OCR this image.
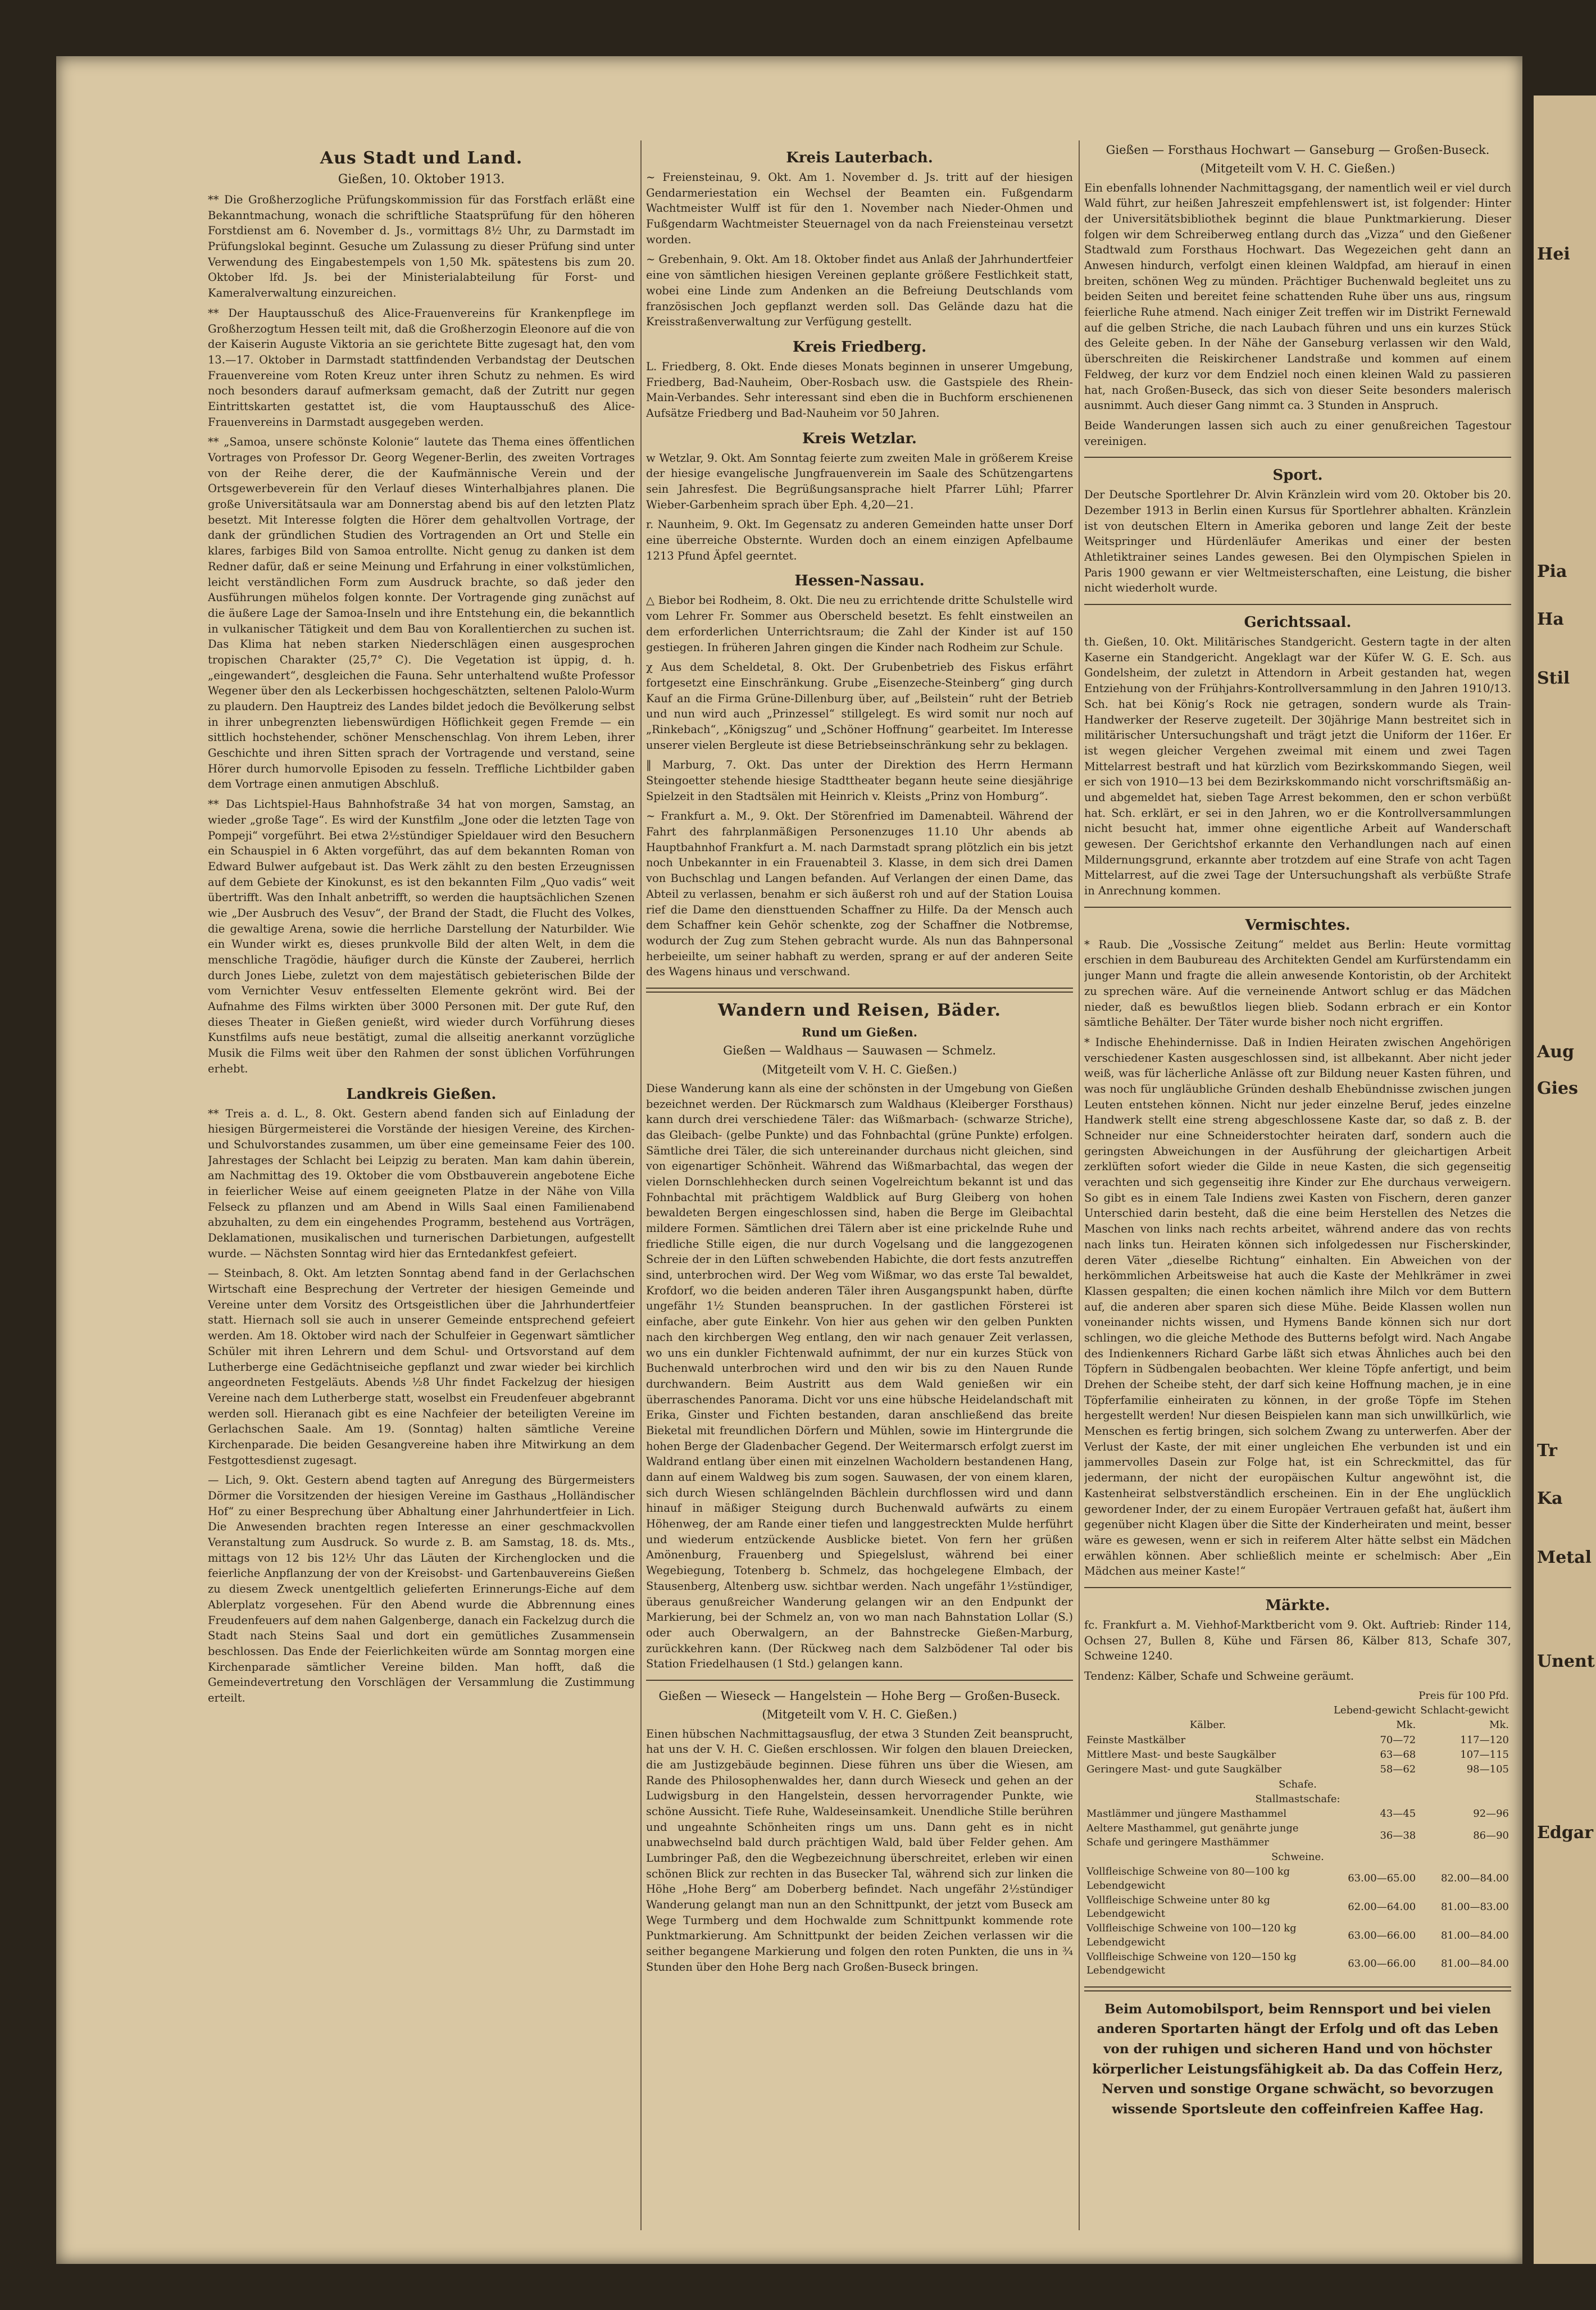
Aus Stadt und Land.
Gießen, 10. Oktober 1913.

** Die Großherzogliche Prüfungskommission für das Forstfach erläßt eine Bekanntmachung, wonach die schriftliche Staatsprüfung für den höheren Forstdienst am 6. November d. Js., vormittags 8½ Uhr, zu Darmstadt im Prüfungslokal beginnt. Gesuche um Zulassung zu dieser Prüfung sind unter Verwendung des Eingabestempels von 1,50 Mk. spätestens bis zum 20. Oktober lfd. Js. bei der Ministerialabteilung für Forst- und Kameralverwaltung einzureichen.

** Der Hauptausschuß des Alice-Frauenvereins für Krankenpflege im Großherzogtum Hessen teilt mit, daß die Großherzogin Eleonore auf die von der Kaiserin Auguste Viktoria an sie gerichtete Bitte zugesagt hat, den vom 13.—17. Oktober in Darmstadt stattfindenden Verbandstag der Deutschen Frauenvereine vom Roten Kreuz unter ihren Schutz zu nehmen. Es wird noch besonders darauf aufmerksam gemacht, daß der Zutritt nur gegen Eintrittskarten gestattet ist, die vom Hauptausschuß des Alice-Frauenvereins in Darmstadt ausgegeben werden.

** „Samoa, unsere schönste Kolonie“ lautete das Thema eines öffentlichen Vortrages von Professor Dr. Georg Wegener-Berlin, des zweiten Vortrages von der Reihe derer, die der Kaufmännische Verein und der Ortsgewerbeverein für den Verlauf dieses Winterhalbjahres planen. Die große Universitätsaula war am Donnerstag abend bis auf den letzten Platz besetzt. Mit Interesse folgten die Hörer dem gehaltvollen Vortrage, der dank der gründlichen Studien des Vortragenden an Ort und Stelle ein klares, farbiges Bild von Samoa entrollte. Nicht genug zu danken ist dem Redner dafür, daß er seine Meinung und Erfahrung in einer volkstümlichen, leicht verständlichen Form zum Ausdruck brachte, so daß jeder den Ausführungen mühelos folgen konnte. Der Vortragende ging zunächst auf die äußere Lage der Samoa-Inseln und ihre Entstehung ein, die bekanntlich in vulkanischer Tätigkeit und dem Bau von Korallentierchen zu suchen ist. Das Klima hat neben starken Niederschlägen einen ausgesprochen tropischen Charakter (25,7° C). Die Vegetation ist üppig, d. h. „eingewandert“, desgleichen die Fauna. Sehr unterhaltend wußte Professor Wegener über den als Leckerbissen hochgeschätzten, seltenen Palolo-Wurm zu plaudern. Den Hauptreiz des Landes bildet jedoch die Bevölkerung selbst in ihrer unbegrenzten liebenswürdigen Höflichkeit gegen Fremde — ein sittlich hochstehender, schöner Menschenschlag. Von ihrem Leben, ihrer Geschichte und ihren Sitten sprach der Vortragende und verstand, seine Hörer durch humorvolle Episoden zu fesseln. Treffliche Lichtbilder gaben dem Vortrage einen anmutigen Abschluß.

** Das Lichtspiel-Haus Bahnhofstraße 34 hat von morgen, Samstag, an wieder „große Tage“. Es wird der Kunstfilm „Jone oder die letzten Tage von Pompeji“ vorgeführt. Bei etwa 2½stündiger Spieldauer wird den Besuchern ein Schauspiel in 6 Akten vorgeführt, das auf dem bekannten Roman von Edward Bulwer aufgebaut ist. Das Werk zählt zu den besten Erzeugnissen auf dem Gebiete der Kinokunst, es ist den bekannten Film „Quo vadis“ weit übertrifft. Was den Inhalt anbetrifft, so werden die hauptsächlichen Szenen wie „Der Ausbruch des Vesuv“, der Brand der Stadt, die Flucht des Volkes, die gewaltige Arena, sowie die herrliche Darstellung der Naturbilder. Wie ein Wunder wirkt es, dieses prunkvolle Bild der alten Welt, in dem die menschliche Tragödie, häufiger durch die Künste der Zauberei, herrlich durch Jones Liebe, zuletzt von dem majestätisch gebieterischen Bilde der vom Vernichter Vesuv entfesselten Elemente gekrönt wird. Bei der Aufnahme des Films wirkten über 3000 Personen mit. Der gute Ruf, den dieses Theater in Gießen genießt, wird wieder durch Vorführung dieses Kunstfilms aufs neue bestätigt, zumal die allseitig anerkannt vorzügliche Musik die Films weit über den Rahmen der sonst üblichen Vorführungen erhebt.

Landkreis Gießen.

** Treis a. d. L., 8. Okt. Gestern abend fanden sich auf Einladung der hiesigen Bürgermeisterei die Vorstände der hiesigen Vereine, des Kirchen- und Schulvorstandes zusammen, um über eine gemeinsame Feier des 100. Jahrestages der Schlacht bei Leipzig zu beraten. Man kam dahin überein, am Nachmittag des 19. Oktober die vom Obstbauverein angebotene Eiche in feierlicher Weise auf einem geeigneten Platze in der Nähe von Villa Felseck zu pflanzen und am Abend in Wills Saal einen Familienabend abzuhalten, zu dem ein eingehendes Programm, bestehend aus Vorträgen, Deklamationen, musikalischen und turnerischen Darbietungen, aufgestellt wurde. — Nächsten Sonntag wird hier das Erntedankfest gefeiert.

— Steinbach, 8. Okt. Am letzten Sonntag abend fand in der Gerlachschen Wirtschaft eine Besprechung der Vertreter der hiesigen Gemeinde und Vereine unter dem Vorsitz des Ortsgeistlichen über die Jahrhundertfeier statt. Hiernach soll sie auch in unserer Gemeinde entsprechend gefeiert werden. Am 18. Oktober wird nach der Schulfeier in Gegenwart sämtlicher Schüler mit ihren Lehrern und dem Schul- und Ortsvorstand auf dem Lutherberge eine Gedächtniseiche gepflanzt und zwar wieder bei kirchlich angeordneten Festgeläuts. Abends ½8 Uhr findet Fackelzug der hiesigen Vereine nach dem Lutherberge statt, woselbst ein Freudenfeuer abgebrannt werden soll. Hieranach gibt es eine Nachfeier der beteiligten Vereine im Gerlachschen Saale. Am 19. (Sonntag) halten sämtliche Vereine Kirchenparade. Die beiden Gesangvereine haben ihre Mitwirkung an dem Festgottesdienst zugesagt.

— Lich, 9. Okt. Gestern abend tagten auf Anregung des Bürgermeisters Dörmer die Vorsitzenden der hiesigen Vereine im Gasthaus „Holländischer Hof“ zu einer Besprechung über Abhaltung einer Jahrhundertfeier in Lich. Die Anwesenden brachten regen Interesse an einer geschmackvollen Veranstaltung zum Ausdruck. So wurde z. B. am Samstag, 18. ds. Mts., mittags von 12 bis 12½ Uhr das Läuten der Kirchenglocken und die feierliche Anpflanzung der von der Kreisobst- und Gartenbauvereins Gießen zu diesem Zweck unentgeltlich gelieferten Erinnerungs-Eiche auf dem Ablerplatz vorgesehen. Für den Abend wurde die Abbrennung eines Freudenfeuers auf dem nahen Galgenberge, danach ein Fackelzug durch die Stadt nach Steins Saal und dort ein gemütliches Zusammensein beschlossen. Das Ende der Feierlichkeiten würde am Sonntag morgen eine Kirchenparade sämtlicher Vereine bilden. Man hofft, daß die Gemeindevertretung den Vorschlägen der Versammlung die Zustimmung erteilt.

Kreis Lauterbach.

~ Freiensteinau, 9. Okt. Am 1. November d. Js. tritt auf der hiesigen Gendarmeriestation ein Wechsel der Beamten ein. Fußgendarm Wachtmeister Wulff ist für den 1. November nach Nieder-Ohmen und Fußgendarm Wachtmeister Steuernagel von da nach Freiensteinau versetzt worden.

~ Grebenhain, 9. Okt. Am 18. Oktober findet aus Anlaß der Jahrhundertfeier eine von sämtlichen hiesigen Vereinen geplante größere Festlichkeit statt, wobei eine Linde zum Andenken an die Befreiung Deutschlands vom französischen Joch gepflanzt werden soll. Das Gelände dazu hat die Kreisstraßenverwaltung zur Verfügung gestellt.

Kreis Friedberg.

L. Friedberg, 8. Okt. Ende dieses Monats beginnen in unserer Umgebung, Friedberg, Bad-Nauheim, Ober-Rosbach usw. die Gastspiele des Rhein-Main-Verbandes. Sehr interessant sind eben die in Buchform erschienenen Aufsätze Friedberg und Bad-Nauheim vor 50 Jahren.

Kreis Wetzlar.

w Wetzlar, 9. Okt. Am Sonntag feierte zum zweiten Male in größerem Kreise der hiesige evangelische Jungfrauenverein im Saale des Schützengartens sein Jahresfest. Die Begrüßungsansprache hielt Pfarrer Lühl; Pfarrer Wieber-Garbenheim sprach über Eph. 4,20—21.

r. Naunheim, 9. Okt. Im Gegensatz zu anderen Gemeinden hatte unser Dorf eine überreiche Obsternte. Wurden doch an einem einzigen Apfelbaume 1213 Pfund Äpfel geerntet.

Hessen-Nassau.

△ Biebor bei Rodheim, 8. Okt. Die neu zu errichtende dritte Schulstelle wird vom Lehrer Fr. Sommer aus Oberscheld besetzt. Es fehlt einstweilen an dem erforderlichen Unterrichtsraum; die Zahl der Kinder ist auf 150 gestiegen. In früheren Jahren gingen die Kinder nach Rodheim zur Schule.

χ Aus dem Scheldetal, 8. Okt. Der Grubenbetrieb des Fiskus erfährt fortgesetzt eine Einschränkung. Grube „Eisenzeche-Steinberg“ ging durch Kauf an die Firma Grüne-Dillenburg über, auf „Beilstein“ ruht der Betrieb und nun wird auch „Prinzessel“ stillgelegt. Es wird somit nur noch auf „Rinkebach“, „Königszug“ und „Schöner Hoffnung“ gearbeitet. Im Interesse unserer vielen Bergleute ist diese Betriebseinschränkung sehr zu beklagen.

‖ Marburg, 7. Okt. Das unter der Direktion des Herrn Hermann Steingoetter stehende hiesige Stadttheater begann heute seine diesjährige Spielzeit in den Stadtsälen mit Heinrich v. Kleists „Prinz von Homburg“.

~ Frankfurt a. M., 9. Okt. Der Störenfried im Damenabteil. Während der Fahrt des fahrplanmäßigen Personenzuges 11.10 Uhr abends ab Hauptbahnhof Frankfurt a. M. nach Darmstadt sprang plötzlich ein bis jetzt noch Unbekannter in ein Frauenabteil 3. Klasse, in dem sich drei Damen von Buchschlag und Langen befanden. Auf Verlangen der einen Dame, das Abteil zu verlassen, benahm er sich äußerst roh und auf der Station Louisa rief die Dame den diensttuenden Schaffner zu Hilfe. Da der Mensch auch dem Schaffner kein Gehör schenkte, zog der Schaffner die Notbremse, wodurch der Zug zum Stehen gebracht wurde. Als nun das Bahnpersonal herbeieilte, um seiner habhaft zu werden, sprang er auf der anderen Seite des Wagens hinaus und verschwand.

Wandern und Reisen, Bäder.
Rund um Gießen.
Gießen — Waldhaus — Sauwasen — Schmelz.
(Mitgeteilt vom V. H. C. Gießen.)

Diese Wanderung kann als eine der schönsten in der Umgebung von Gießen bezeichnet werden. Der Rückmarsch zum Waldhaus (Kleiberger Forsthaus) kann durch drei verschiedene Täler: das Wißmarbach- (schwarze Striche), das Gleibach- (gelbe Punkte) und das Fohnbachtal (grüne Punkte) erfolgen. Sämtliche drei Täler, die sich untereinander durchaus nicht gleichen, sind von eigenartiger Schönheit. Während das Wißmarbachtal, das wegen der vielen Dornschlehhecken durch seinen Vogelreichtum bekannt ist und das Fohnbachtal mit prächtigem Waldblick auf Burg Gleiberg von hohen bewaldeten Bergen eingeschlossen sind, haben die Berge im Gleibachtal mildere Formen. Sämtlichen drei Tälern aber ist eine prickelnde Ruhe und friedliche Stille eigen, die nur durch Vogelsang und die langgezogenen Schreie der in den Lüften schwebenden Habichte, die dort fests anzutreffen sind, unterbrochen wird. Der Weg vom Wißmar, wo das erste Tal bewaldet, Krofdorf, wo die beiden anderen Täler ihren Ausgangspunkt haben, dürfte ungefähr 1½ Stunden beanspruchen. In der gastlichen Försterei ist einfache, aber gute Einkehr. Von hier aus gehen wir den gelben Punkten nach den kirchbergen Weg entlang, den wir nach genauer Zeit verlassen, wo uns ein dunkler Fichtenwald aufnimmt, der nur ein kurzes Stück von Buchenwald unterbrochen wird und den wir bis zu den Nauen Runde durchwandern. Beim Austritt aus dem Wald genießen wir ein überraschendes Panorama. Dicht vor uns eine hübsche Heidelandschaft mit Erika, Ginster und Fichten bestanden, daran anschließend das breite Bieketal mit freundlichen Dörfern und Mühlen, sowie im Hintergrunde die hohen Berge der Gladenbacher Gegend. Der Weitermarsch erfolgt zuerst im Waldrand entlang über einen mit einzelnen Wacholdern bestandenen Hang, dann auf einem Waldweg bis zum sogen. Sauwasen, der von einem klaren, sich durch Wiesen schlängelnden Bächlein durchflossen wird und dann hinauf in mäßiger Steigung durch Buchenwald aufwärts zu einem Höhenweg, der am Rande einer tiefen und langgestreckten Mulde herführt und wiederum entzückende Ausblicke bietet. Von fern her grüßen Amönenburg, Frauenberg und Spiegelslust, während bei einer Wegebiegung, Totenberg b. Schmelz, das hochgelegene Elmbach, der Stausenberg, Altenberg usw. sichtbar werden. Nach ungefähr 1½stündiger, überaus genußreicher Wanderung gelangen wir an den Endpunkt der Markierung, bei der Schmelz an, von wo man nach Bahnstation Lollar (S.) oder auch Oberwalgern, an der Bahnstrecke Gießen-Marburg, zurückkehren kann. (Der Rückweg nach dem Salzbödener Tal oder bis Station Friedelhausen (1 Std.) gelangen kann.

Gießen — Wieseck — Hangelstein — Hohe Berg — Großen-Buseck.
(Mitgeteilt vom V. H. C. Gießen.)

Einen hübschen Nachmittagsausflug, der etwa 3 Stunden Zeit beansprucht, hat uns der V. H. C. Gießen erschlossen. Wir folgen den blauen Dreiecken, die am Justizgebäude beginnen. Diese führen uns über die Wiesen, am Rande des Philosophenwaldes her, dann durch Wieseck und gehen an der Ludwigsburg in den Hangelstein, dessen hervorragender Punkte, wie schöne Aussicht. Tiefe Ruhe, Waldeseinsamkeit. Unendliche Stille berühren und ungeahnte Schönheiten rings um uns. Dann geht es in nicht unabwechselnd bald durch prächtigen Wald, bald über Felder gehen. Am Lumbringer Paß, den die Wegbezeichnung überschreitet, erleben wir einen schönen Blick zur rechten in das Busecker Tal, während sich zur linken die Höhe „Hohe Berg“ am Doberberg befindet. Nach ungefähr 2½stündiger Wanderung gelangt man nun an den Schnittpunkt, der jetzt vom Buseck am Wege Turmberg und dem Hochwalde zum Schnittpunkt kommende rote Punktmarkierung. Am Schnittpunkt der beiden Zeichen verlassen wir die seither begangene Markierung und folgen den roten Punkten, die uns in ¾ Stunden über den Hohe Berg nach Großen-Buseck bringen.

Gießen — Forsthaus Hochwart — Ganseburg — Großen-Buseck.
(Mitgeteilt vom V. H. C. Gießen.)

Ein ebenfalls lohnender Nachmittagsgang, der namentlich weil er viel durch Wald führt, zur heißen Jahreszeit empfehlenswert ist, ist folgender: Hinter der Universitätsbibliothek beginnt die blaue Punktmarkierung. Dieser folgen wir dem Schreiberweg entlang durch das „Vizza“ und den Gießener Stadtwald zum Forsthaus Hochwart. Das Wegezeichen geht dann an Anwesen hindurch, verfolgt einen kleinen Waldpfad, am hierauf in einen breiten, schönen Weg zu münden. Prächtiger Buchenwald begleitet uns zu beiden Seiten und bereitet feine schattenden Ruhe über uns aus, ringsum feierliche Ruhe atmend. Nach einiger Zeit treffen wir im Distrikt Fernewald auf die gelben Striche, die nach Laubach führen und uns ein kurzes Stück des Geleite geben. In der Nähe der Ganseburg verlassen wir den Wald, überschreiten die Reiskirchener Landstraße und kommen auf einem Feldweg, der kurz vor dem Endziel noch einen kleinen Wald zu passieren hat, nach Großen-Buseck, das sich von dieser Seite besonders malerisch ausnimmt. Auch dieser Gang nimmt ca. 3 Stunden in Anspruch.

Beide Wanderungen lassen sich auch zu einer genußreichen Tagestour vereinigen.

Sport.

Der Deutsche Sportlehrer Dr. Alvin Kränzlein wird vom 20. Oktober bis 20. Dezember 1913 in Berlin einen Kursus für Sportlehrer abhalten. Kränzlein ist von deutschen Eltern in Amerika geboren und lange Zeit der beste Weitspringer und Hürdenläufer Amerikas und einer der besten Athletiktrainer seines Landes gewesen. Bei den Olympischen Spielen in Paris 1900 gewann er vier Weltmeisterschaften, eine Leistung, die bisher nicht wiederholt wurde.

Gerichtssaal.

th. Gießen, 10. Okt. Militärisches Standgericht. Gestern tagte in der alten Kaserne ein Standgericht. Angeklagt war der Küfer W. G. E. Sch. aus Gondelsheim, der zuletzt in Attendorn in Arbeit gestanden hat, wegen Entziehung von der Frühjahrs-Kontrollversammlung in den Jahren 1910/13. Sch. hat bei König’s Rock nie getragen, sondern wurde als Train-Handwerker der Reserve zugeteilt. Der 30jährige Mann bestreitet sich in militärischer Untersuchungshaft und trägt jetzt die Uniform der 116er. Er ist wegen gleicher Vergehen zweimal mit einem und zwei Tagen Mittelarrest bestraft und hat kürzlich vom Bezirkskommando Siegen, weil er sich von 1910—13 bei dem Bezirkskommando nicht vorschriftsmäßig an- und abgemeldet hat, sieben Tage Arrest bekommen, den er schon verbüßt hat. Sch. erklärt, er sei in den Jahren, wo er die Kontrollversammlungen nicht besucht hat, immer ohne eigentliche Arbeit auf Wanderschaft gewesen. Der Gerichtshof erkannte den Verhandlungen nach auf einen Mildernungsgrund, erkannte aber trotzdem auf eine Strafe von acht Tagen Mittelarrest, auf die zwei Tage der Untersuchungshaft als verbüßte Strafe in Anrechnung kommen.

Vermischtes.

* Raub. Die „Vossische Zeitung“ meldet aus Berlin: Heute vormittag erschien in dem Baubureau des Architekten Gendel am Kurfürstendamm ein junger Mann und fragte die allein anwesende Kontoristin, ob der Architekt zu sprechen wäre. Auf die verneinende Antwort schlug er das Mädchen nieder, daß es bewußtlos liegen blieb. Sodann erbrach er ein Kontor sämtliche Behälter. Der Täter wurde bisher noch nicht ergriffen.

* Indische Ehehindernisse. Daß in Indien Heiraten zwischen Angehörigen verschiedener Kasten ausgeschlossen sind, ist allbekannt. Aber nicht jeder weiß, was für lächerliche Anlässe oft zur Bildung neuer Kasten führen, und was noch für ungläubliche Gründen deshalb Ehebündnisse zwischen jungen Leuten entstehen können. Nicht nur jeder einzelne Beruf, jedes einzelne Handwerk stellt eine streng abgeschlossene Kaste dar, so daß z. B. der Schneider nur eine Schneiderstochter heiraten darf, sondern auch die geringsten Abweichungen in der Ausführung der gleichartigen Arbeit zerklüften sofort wieder die Gilde in neue Kasten, die sich gegenseitig verachten und sich gegenseitig ihre Kinder zur Ehe durchaus verweigern. So gibt es in einem Tale Indiens zwei Kasten von Fischern, deren ganzer Unterschied darin besteht, daß die eine beim Herstellen des Netzes die Maschen von links nach rechts arbeitet, während andere das von rechts nach links tun. Heiraten können sich infolgedessen nur Fischerskinder, deren Väter „dieselbe Richtung“ einhalten. Ein Abweichen von der herkömmlichen Arbeitsweise hat auch die Kaste der Mehlkrämer in zwei Klassen gespalten; die einen kochen nämlich ihre Milch vor dem Buttern auf, die anderen aber sparen sich diese Mühe. Beide Klassen wollen nun voneinander nichts wissen, und Hymens Bande können sich nur dort schlingen, wo die gleiche Methode des Butterns befolgt wird. Nach Angabe des Indienkenners Richard Garbe läßt sich etwas Ähnliches auch bei den Töpfern in Südbengalen beobachten. Wer kleine Töpfe anfertigt, und beim Drehen der Scheibe steht, der darf sich keine Hoffnung machen, je in eine Töpferfamilie einheiraten zu können, in der große Töpfe im Stehen hergestellt werden! Nur diesen Beispielen kann man sich unwillkürlich, wie Menschen es fertig bringen, sich solchem Zwang zu unterwerfen. Aber der Verlust der Kaste, der mit einer ungleichen Ehe verbunden ist und ein jammervolles Dasein zur Folge hat, ist ein Schreckmittel, das für jedermann, der nicht der europäischen Kultur angewöhnt ist, die Kastenheirat selbstverständlich erscheinen. Ein in der Ehe unglücklich gewordener Inder, der zu einem Europäer Vertrauen gefaßt hat, äußert ihm gegenüber nicht Klagen über die Sitte der Kinderheiraten und meint, besser wäre es gewesen, wenn er sich in reiferem Alter hätte selbst ein Mädchen erwählen können. Aber schließlich meinte er schelmisch: Aber „Ein Mädchen aus meiner Kaste!“

Märkte.

fc. Frankfurt a. M. Viehhof-Marktbericht vom 9. Okt. Auftrieb: Rinder 114, Ochsen 27, Bullen 8, Kühe und Färsen 86, Kälber 813, Schafe 307, Schweine 1240.

Tendenz: Kälber, Schafe und Schweine geräumt.

	Preis für 100 Pfd.	
	Lebend-gewicht	Schlacht-gewicht
Kälber.	Mk.	Mk.
Feinste Mastkälber	70—72	117—120
Mittlere Mast- und beste Saugkälber	63—68	107—115
Geringere Mast- und gute Saugkälber	58—62	98—105
Schafe.		
Stallmastschafe:		
Mastlämmer und jüngere Masthammel	43—45	92—96
Aeltere Masthammel, gut genährte junge Schafe und geringere Masthämmer	36—38	86—90
Schweine.		
Vollfleischige Schweine von 80—100 kg Lebendgewicht	63.00—65.00	82.00—84.00
Vollfleischige Schweine unter 80 kg Lebendgewicht	62.00—64.00	81.00—83.00
Vollfleischige Schweine von 100—120 kg Lebendgewicht	63.00—66.00	81.00—84.00
Vollfleischige Schweine von 120—150 kg Lebendgewicht	63.00—66.00	81.00—84.00
Beim Automobilsport, beim Rennsport und bei vielen anderen Sportarten hängt der Erfolg und oft das Leben von der ruhigen und sicheren Hand und von höchster körperlicher Leistungsfähigkeit ab. Da das Coffein Herz, Nerven und sonstige Organe schwächt, so bevorzugen wissende Sportsleute den coffeinfreien Kaffee Hag.
Hei
Pia
Ha
Stil
Aug
Gies
Tr
Ka
Metal
Unent
Edgar
